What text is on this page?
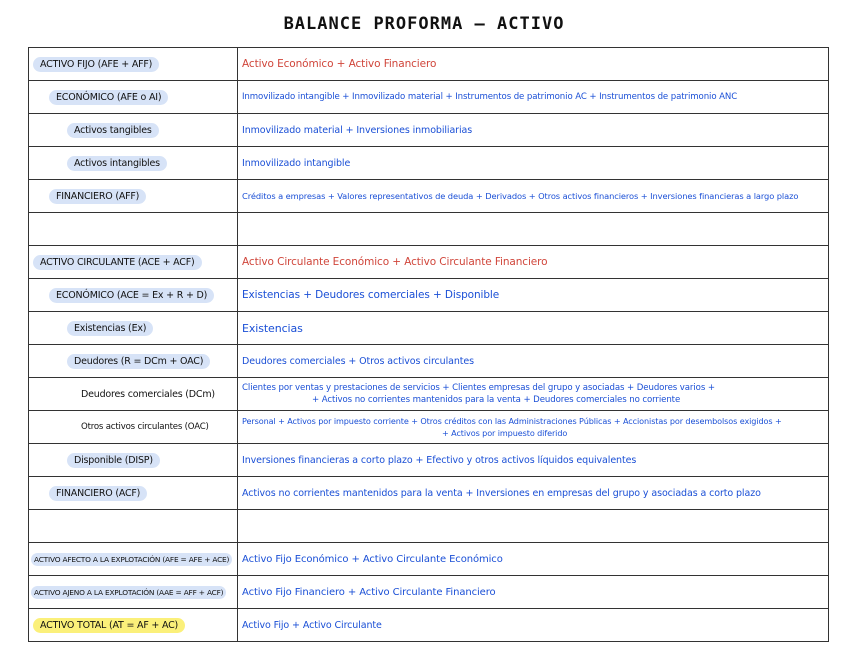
BALANCE PROFORMA — ACTIVO
ACTIVO FIJO (AFE + AFF)	Activo Económico + Activo Financiero
ECONÓMICO (AFE o AI)	Inmovilizado intangible + Inmovilizado material + Instrumentos de patrimonio AC + Instrumentos de patrimonio ANC
Activos tangibles	Inmovilizado material + Inversiones inmobiliarias
Activos intangibles	Inmovilizado intangible
FINANCIERO (AFF)	Créditos a empresas + Valores representativos de deuda + Derivados + Otros activos financieros + Inversiones financieras a largo plazo

ACTIVO CIRCULANTE (ACE + ACF)	Activo Circulante Económico + Activo Circulante Financiero
ECONÓMICO (ACE = Ex + R + D)	Existencias + Deudores comerciales + Disponible
Existencias (Ex)	Existencias
Deudores (R = DCm + OAC)	Deudores comerciales + Otros activos circulantes
Deudores comerciales (DCm)	Clientes por ventas y prestaciones de servicios + Clientes empresas del grupo y asociadas + Deudores varios +
+ Activos no corrientes mantenidos para la venta + Deudores comerciales no corriente

Otros activos circulantes (OAC)	Personal + Activos por impuesto corriente + Otros créditos con las Administraciones Públicas + Accionistas por desembolsos exigidos +
+ Activos por impuesto diferido

Disponible (DISP)	Inversiones financieras a corto plazo + Efectivo y otros activos líquidos equivalentes
FINANCIERO (ACF)	Activos no corrientes mantenidos para la venta + Inversiones en empresas del grupo y asociadas a corto plazo

ACTIVO AFECTO A LA EXPLOTACIÓN (AFE = AFE + ACE)	Activo Fijo Económico + Activo Circulante Económico
ACTIVO AJENO A LA EXPLOTACIÓN (AAE = AFF + ACF)	Activo Fijo Financiero + Activo Circulante Financiero
ACTIVO TOTAL (AT = AF + AC)	Activo Fijo + Activo Circulante
